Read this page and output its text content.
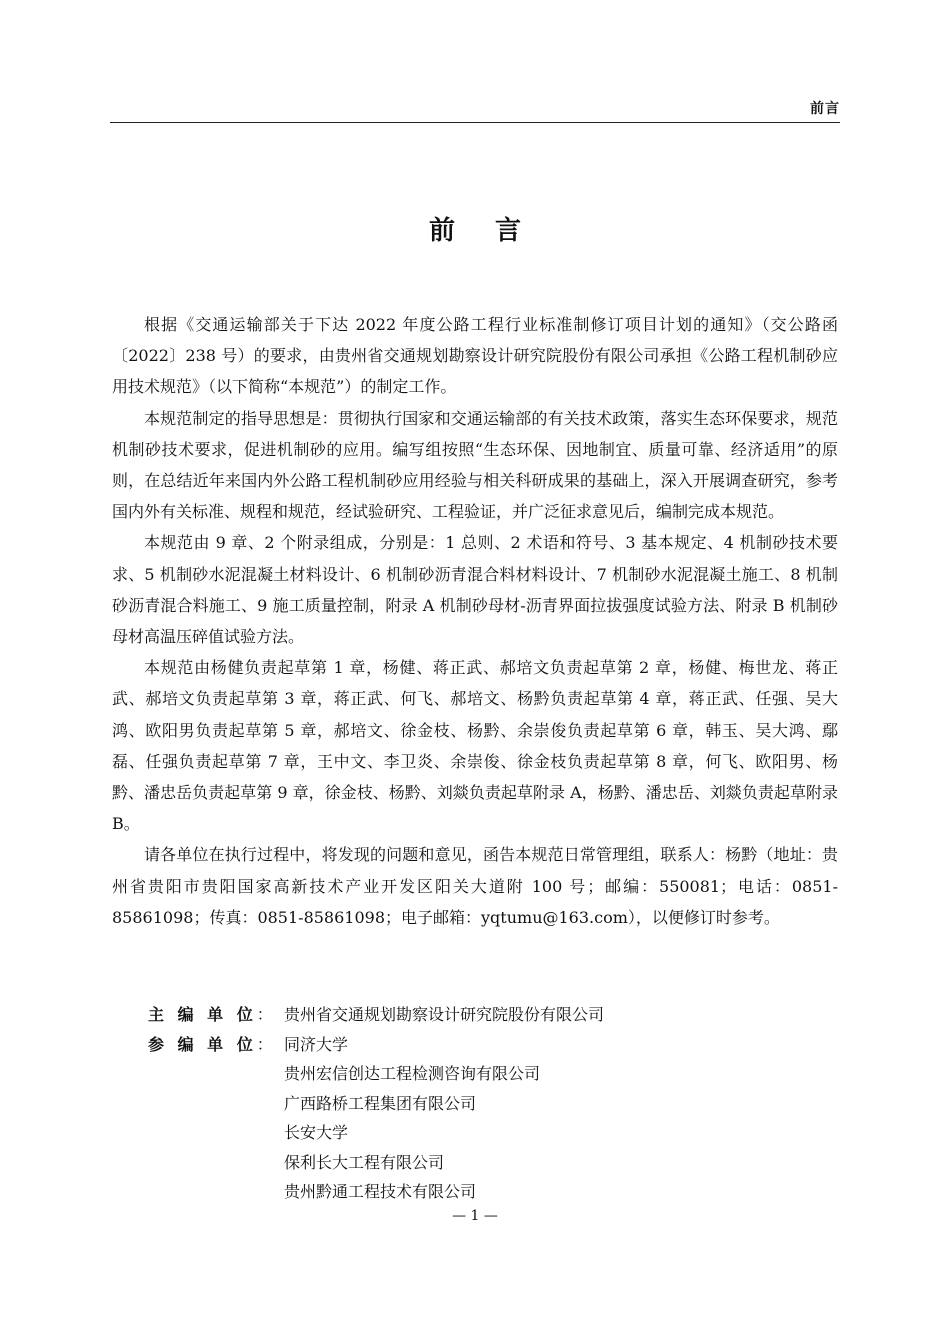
前言
前言

根据《交通运输部关于下达 2022 年度公路工程行业标准制修订项目计划的通知》（交公路函〔2022〕238 号）的要求，由贵州省交通规划勘察设计研究院股份有限公司承担《公路工程机制砂应用技术规范》（以下简称“本规范”）的制定工作。

本规范制定的指导思想是：贯彻执行国家和交通运输部的有关技术政策，落实生态环保要求，规范机制砂技术要求，促进机制砂的应用。编写组按照“生态环保、因地制宜、质量可靠、经济适用”的原则，在总结近年来国内外公路工程机制砂应用经验与相关科研成果的基础上，深入开展调查研究，参考国内外有关标准、规程和规范，经试验研究、工程验证，并广泛征求意见后，编制完成本规范。

本规范由 9 章、2 个附录组成，分别是：1 总则、2 术语和符号、3 基本规定、4 机制砂技术要求、5 机制砂水泥混凝土材料设计、6 机制砂沥青混合料材料设计、7 机制砂水泥混凝土施工、8 机制砂沥青混合料施工、9 施工质量控制，附录 A 机制砂母材-沥青界面拉拔强度试验方法、附录 B 机制砂母材高温压碎值试验方法。

本规范由杨健负责起草第 1 章，杨健、蒋正武、郝培文负责起草第 2 章，杨健、梅世龙、蒋正武、郝培文负责起草第 3 章，蒋正武、何飞、郝培文、杨黔负责起草第 4 章，蒋正武、任强、吴大鸿、欧阳男负责起草第 5 章，郝培文、徐金枝、杨黔、余崇俊负责起草第 6 章，韩玉、吴大鸿、鄢磊、任强负责起草第 7 章，王中文、李卫炎、余崇俊、徐金枝负责起草第 8 章，何飞、欧阳男、杨黔、潘忠岳负责起草第 9 章，徐金枝、杨黔、刘燚负责起草附录 A，杨黔、潘忠岳、刘燚负责起草附录 B。

请各单位在执行过程中，将发现的问题和意见，函告本规范日常管理组，联系人：杨黔（地址：贵州省贵阳市贵阳国家高新技术产业开发区阳关大道附 100 号；邮编：550081；电话：0851-85861098；传真：0851-85861098；电子邮箱：yqtumu@163.com），以便修订时参考。

主 编 单 位： 贵州省交通规划勘察设计研究院股份有限公司
参 编 单 位： 同济大学
贵州宏信创达工程检测咨询有限公司
广西路桥工程集团有限公司
长安大学
保利长大工程有限公司
贵州黔通工程技术有限公司
— 1 —
